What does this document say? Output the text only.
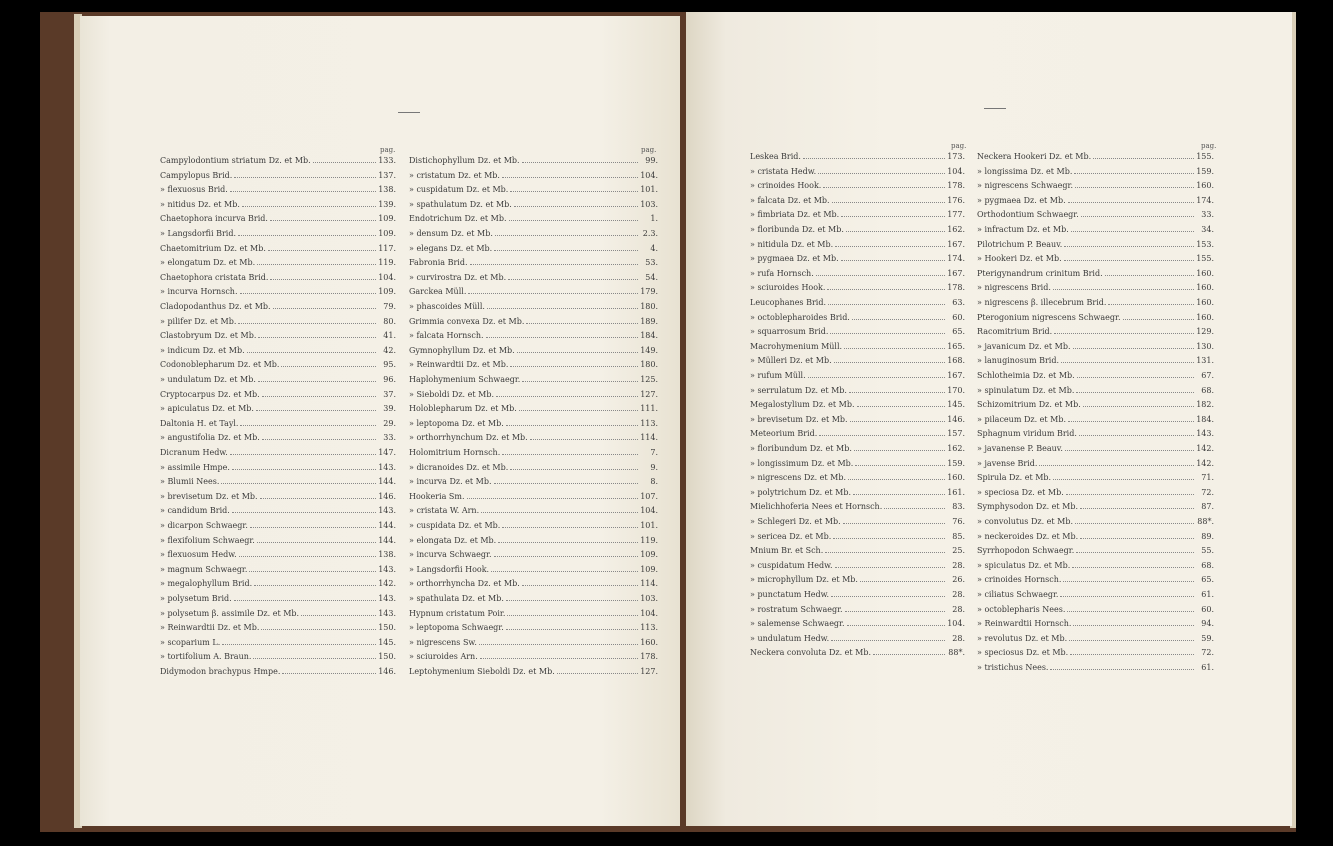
pag.	pag.
Campylodontium striatum Dz. et Mb.	133.
Campylopus Brid.	137.
» flexuosus Brid.	138.
» nitidus Dz. et Mb.	139.
Chaetophora incurva Brid.	109.
» Langsdorfii Brid.	109.
Chaetomitrium Dz. et Mb.	117.
» elongatum Dz. et Mb.	119.
Chaetophora cristata Brid.	104.
» incurva Hornsch.	109.
Cladopodanthus Dz. et Mb.	79.
» pilifer Dz. et Mb.	80.
Clastobryum Dz. et Mb.	41.
» indicum Dz. et Mb.	42.
Codonoblepharum Dz. et Mb.	95.
» undulatum Dz. et Mb.	96.
Cryptocarpus Dz. et Mb.	37.
» apiculatus Dz. et Mb.	39.
Daltonia H. et Tayl.	29.
» angustifolia Dz. et Mb.	33.
Dicranum Hedw.	147.
» assimile Hmpe.	143.
» Blumii Nees.	144.
» brevisetum Dz. et Mb.	146.
» candidum Brid.	143.
» dicarpon Schwaegr.	144.
» flexifolium Schwaegr.	144.
» flexuosum Hedw.	138.
» magnum Schwaegr.	143.
» megalophyllum Brid.	142.
» polysetum Brid.	143.
» polysetum β. assimile Dz. et Mb.	143.
» Reinwardtii Dz. et Mb.	150.
» scoparium L.	145.
» tortifolium A. Braun.	150.
Didymodon brachypus Hmpe.	146.
Distichophyllum Dz. et Mb.	99.
» cristatum Dz. et Mb.	104.
» cuspidatum Dz. et Mb.	101.
» spathulatum Dz. et Mb.	103.
Endotrichum Dz. et Mb.	1.
» densum Dz. et Mb.	2.3.
» elegans Dz. et Mb.	4.
Fabronia Brid.	53.
» curvirostra Dz. et Mb.	54.
Garckea Müll.	179.
» phascoides Müll.	180.
Grimmia convexa Dz. et Mb.	189.
» falcata Hornsch.	184.
Gymnophyllum Dz. et Mb.	149.
» Reinwardtii Dz. et Mb.	180.
Haplohymenium Schwaegr.	125.
» Sieboldi Dz. et Mb.	127.
Holoblepharum Dz. et Mb.	111.
» leptopoma Dz. et Mb.	113.
» orthorrhynchum Dz. et Mb.	114.
Holomitrium Hornsch.	7.
» dicranoides Dz. et Mb.	9.
» incurva Dz. et Mb.	8.
Hookeria Sm.	107.
» cristata W. Arn.	104.
» cuspidata Dz. et Mb.	101.
» elongata Dz. et Mb.	119.
» incurva Schwaegr.	109.
» Langsdorfii Hook.	109.
» orthorrhyncha Dz. et Mb.	114.
» spathulata Dz. et Mb.	103.
Hypnum cristatum Poir.	104.
» leptopoma Schwaegr.	113.
» nigrescens Sw.	160.
» sciuroides Arn.	178.
Leptohymenium Sieboldi Dz. et Mb.	127.
pag.	pag.
Leskea Brid.	173.
» cristata Hedw.	104.
» crinoides Hook.	178.
» falcata Dz. et Mb.	176.
» fimbriata Dz. et Mb.	177.
» floribunda Dz. et Mb.	162.
» nitidula Dz. et Mb.	167.
» pygmaea Dz. et Mb.	174.
» rufa Hornsch.	167.
» sciuroides Hook.	178.
Leucophanes Brid.	63.
» octoblepharoides Brid.	60.
» squarrosum Brid.	65.
Macrohymenium Müll.	165.
» Mülleri Dz. et Mb.	168.
» rufum Müll.	167.
» serrulatum Dz. et Mb.	170.
Megalostylium Dz. et Mb.	145.
» brevisetum Dz. et Mb.	146.
Meteorium Brid.	157.
» floribundum Dz. et Mb.	162.
» longissimum Dz. et Mb.	159.
» nigrescens Dz. et Mb.	160.
» polytrichum Dz. et Mb.	161.
Mielichhoferia Nees et Hornsch.	83.
» Schlegeri Dz. et Mb.	76.
» sericea Dz. et Mb.	85.
Mnium Br. et Sch.	25.
» cuspidatum Hedw.	28.
» microphyllum Dz. et Mb.	26.
» punctatum Hedw.	28.
» rostratum Schwaegr.	28.
» salemense Schwaegr.	104.
» undulatum Hedw.	28.
Neckera convoluta Dz. et Mb.	88*.
Neckera Hookeri Dz. et Mb.	155.
» longissima Dz. et Mb.	159.
» nigrescens Schwaegr.	160.
» pygmaea Dz. et Mb.	174.
Orthodontium Schwaegr.	33.
» infractum Dz. et Mb.	34.
Pilotrichum P. Beauv.	153.
» Hookeri Dz. et Mb.	155.
Pterigynandrum crinitum Brid.	160.
» nigrescens Brid.	160.
» nigrescens β. illecebrum Brid.	160.
Pterogonium nigrescens Schwaegr.	160.
Racomitrium Brid.	129.
» javanicum Dz. et Mb.	130.
» lanuginosum Brid.	131.
Schlotheimia Dz. et Mb.	67.
» spinulatum Dz. et Mb.	68.
Schizomitrium Dz. et Mb.	182.
» pilaceum Dz. et Mb.	184.
Sphagnum viridum Brid.	143.
» javanense P. Beauv.	142.
» javense Brid.	142.
Spirula Dz. et Mb.	71.
» speciosa Dz. et Mb.	72.
Symphysodon Dz. et Mb.	87.
» convolutus Dz. et Mb.	88*.
» neckeroides Dz. et Mb.	89.
Syrrhopodon Schwaegr.	55.
» spiculatus Dz. et Mb.	68.
» crinoides Hornsch.	65.
» ciliatus Schwaegr.	61.
» octoblepharis Nees.	60.
» Reinwardtii Hornsch.	94.
» revolutus Dz. et Mb.	59.
» speciosus Dz. et Mb.	72.
» tristichus Nees.	61.
